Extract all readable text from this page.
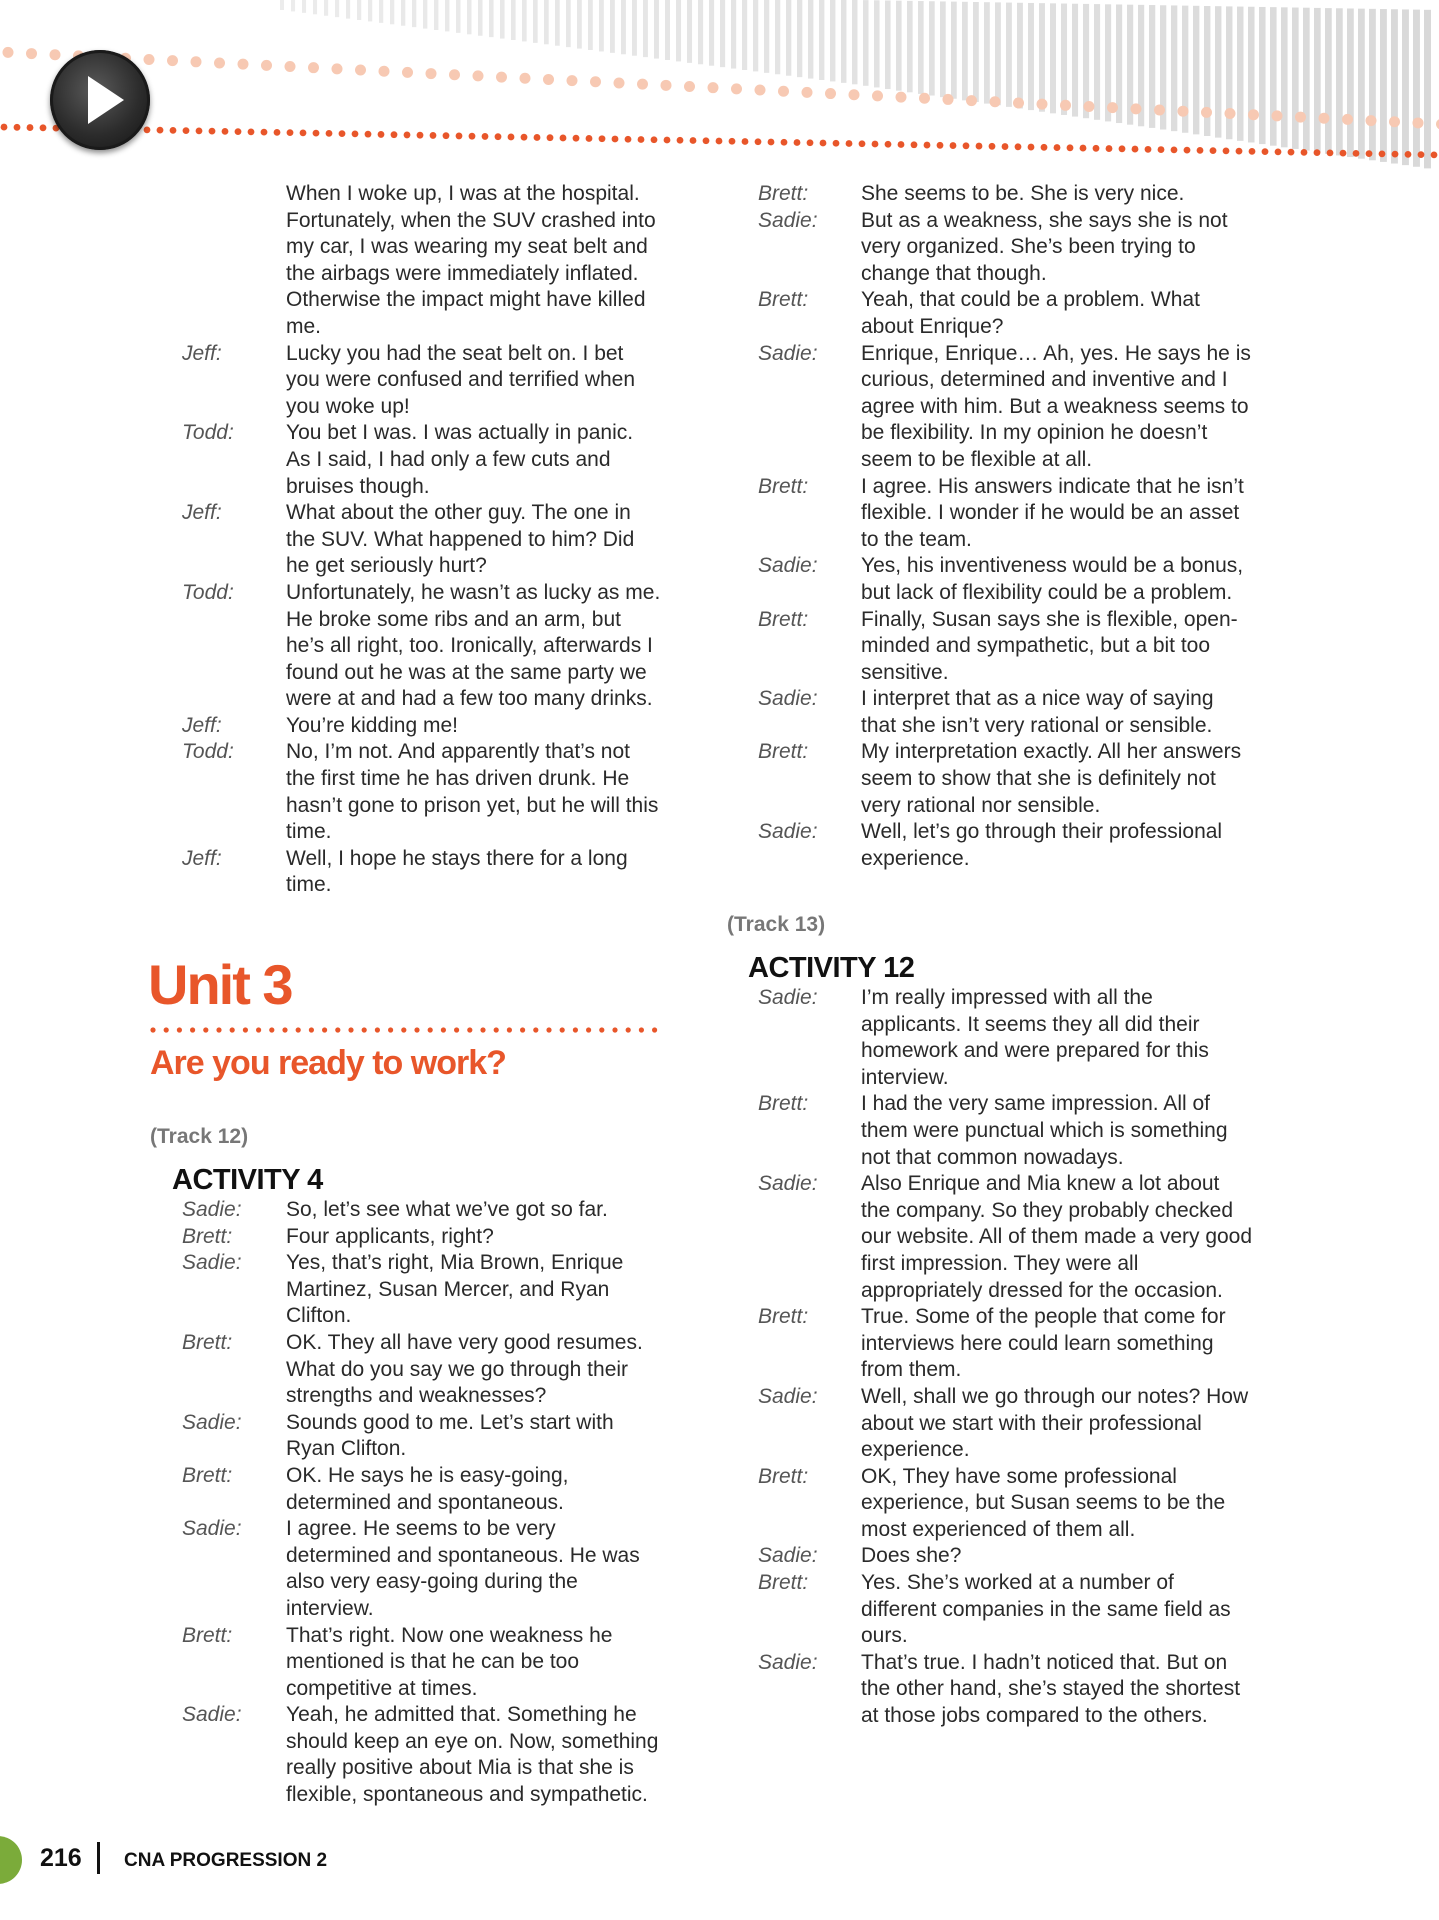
When I woke up, I was at the hospital. Fortunately, when the SUV crashed into my car, I was wearing my seat belt and the airbags were immediately inflated. Otherwise the impact might have killed me.
Jeff:	Lucky you had the seat belt on. I bet you were confused and terrified when you woke up!
Todd: You bet I was. I was actually in panic. As I said, I had only a few cuts and bruises though.
Jeff:	What about the other guy. The one in the SUV. What happened to him? Did he get seriously hurt?
Todd: Unfortunately, he wasn’t as lucky as me. He broke some ribs and an arm, but he’s all right, too. Ironically, afterwards I found out he was at the same party we were at and had a few too many drinks.
Jeff:	You’re kidding me!
Todd: No, I’m not. And apparently that’s not the first time he has driven drunk. He hasn’t gone to prison yet, but he will this time.
Jeff:	Well, I hope he stays there for a long time.
Unit 3
Are you ready to work?
(Track 12)
ACTIVITY 4
Sadie: So, let’s see what we’ve got so far.
Brett:	Four applicants, right?
Sadie: Yes, that’s right, Mia Brown, Enrique Martinez, Susan Mercer, and Ryan Clifton.
Brett:	OK. They all have very good resumes. What do you say we go through their strengths and weaknesses?
Sadie: Sounds good to me. Let’s start with Ryan Clifton.
Brett:	OK. He says he is easy-going, determined and spontaneous.
Sadie: I agree. He seems to be very determined and spontaneous. He was also very easy-going during the interview.
Brett:	That’s right. Now one weakness he mentioned is that he can be too competitive at times.
Sadie: Yeah, he admitted that. Something he should keep an eye on. Now, something really positive about Mia is that she is flexible, spontaneous and sympathetic.
Brett:	She seems to be. She is very nice.
Sadie: But as a weakness, she says she is not very organized. She’s been trying to change that though.
Brett:	Yeah, that could be a problem. What about Enrique?
Sadie: Enrique, Enrique… Ah, yes. He says he is curious, determined and inventive and I agree with him. But a weakness seems to be flexibility. In my opinion he doesn’t seem to be flexible at all.
Brett:	I agree. His answers indicate that he isn’t flexible. I wonder if he would be an asset to the team.
Sadie: Yes, his inventiveness would be a bonus, but lack of flexibility could be a problem.
Brett:	Finally, Susan says she is flexible, open-minded and sympathetic, but a bit too sensitive.
Sadie: I interpret that as a nice way of saying that she isn’t very rational or sensible.
Brett:	My interpretation exactly. All her answers seem to show that she is definitely not very rational nor sensible.
Sadie: Well, let’s go through their professional experience.
(Track 13)
ACTIVITY 12
Sadie: I’m really impressed with all the applicants. It seems they all did their homework and were prepared for this interview.
Brett:	I had the very same impression. All of them were punctual which is something not that common nowadays.
Sadie: Also Enrique and Mia knew a lot about the company. So they probably checked our website. All of them made a very good first impression. They were all appropriately dressed for the occasion.
Brett:	True. Some of the people that come for interviews here could learn something from them.
Sadie: Well, shall we go through our notes? How about we start with their professional experience.
Brett:	OK, They have some professional experience, but Susan seems to be the most experienced of them all.
Sadie: Does she?
Brett:	Yes. She’s worked at a number of different companies in the same field as ours.
Sadie: That’s true. I hadn’t noticed that. But on the other hand, she’s stayed the shortest at those jobs compared to the others.
216 CNA PROGRESSION 2
